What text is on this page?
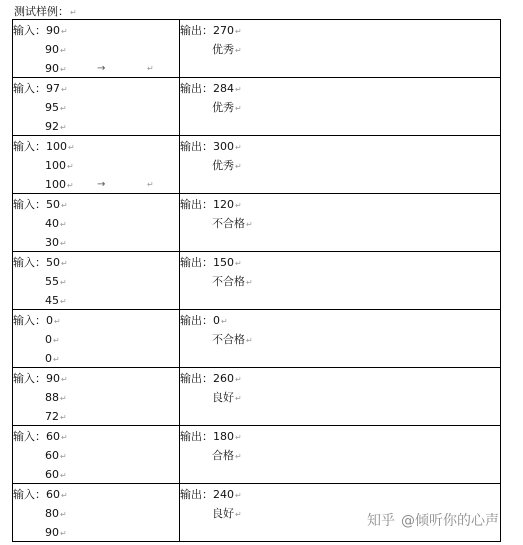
测试样例：↵
输入：90↵
90↵
90↵	→	↵
输出：270↵
优秀↵
输入：97↵
95↵
92↵
输出：284↵
优秀↵
输入：100↵
100↵
100↵ →	↵
输出：300↵
优秀↵
输入：50↵
40↵
30↵
输出：120↵
不合格↵
输入：50↵
55↵
45↵
输出：150↵
不合格↵
输入：0↵
0↵
0↵
输出：0↵
不合格↵
输入：90↵
88↵
72↵
输出：260↵
良好↵
输入：60↵
60↵
60↵
输出：180↵
合格↵
输入：60↵
80↵
90↵
输出：240↵
良好↵	知乎 @倾听你的心声
